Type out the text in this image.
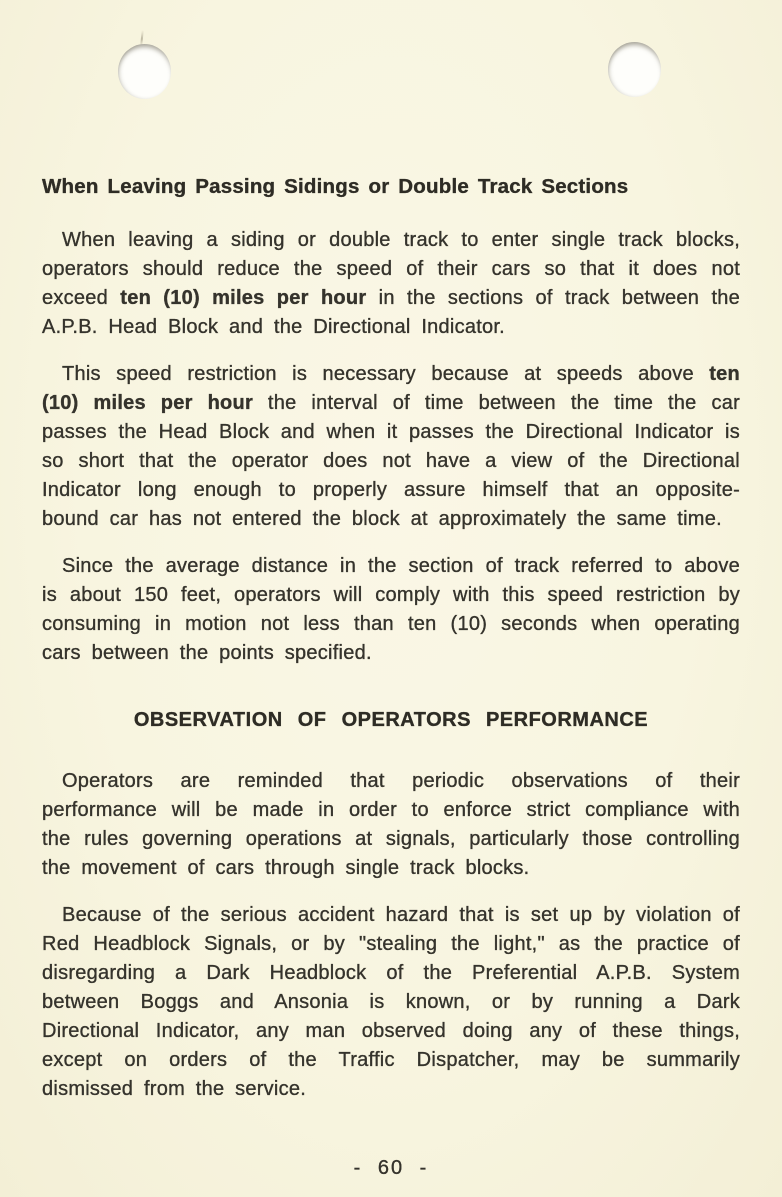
When Leaving Passing Sidings or Double Track Sections

When leaving a siding or double track to enter single track blocks, operators should reduce the speed of their cars so that it does not exceed ten (10) miles per hour in the sections of track between the A.P.B. Head Block and the Directional Indicator.

This speed restriction is necessary because at speeds above ten (10) miles per hour the interval of time between the time the car passes the Head Block and when it passes the Directional Indicator is so short that the operator does not have a view of the Directional Indicator long enough to properly assure himself that an opposite-bound car has not entered the block at approximately the same time.

Since the average distance in the section of track referred to above is about 150 feet, operators will comply with this speed restriction by consuming in motion not less than ten (10) seconds when operating cars between the points specified.

OBSERVATION OF OPERATORS PERFORMANCE

Operators are reminded that periodic observations of their performance will be made in order to enforce strict compliance with the rules governing operations at signals, particularly those controlling the movement of cars through single track blocks.

Because of the serious accident hazard that is set up by violation of Red Headblock Signals, or by "stealing the light," as the practice of disregarding a Dark Headblock of the Preferential A.P.B. System between Boggs and Ansonia is known, or by running a Dark Directional Indicator, any man observed doing any of these things, except on orders of the Traffic Dispatcher, may be summarily dismissed from the service.

- 60 -
